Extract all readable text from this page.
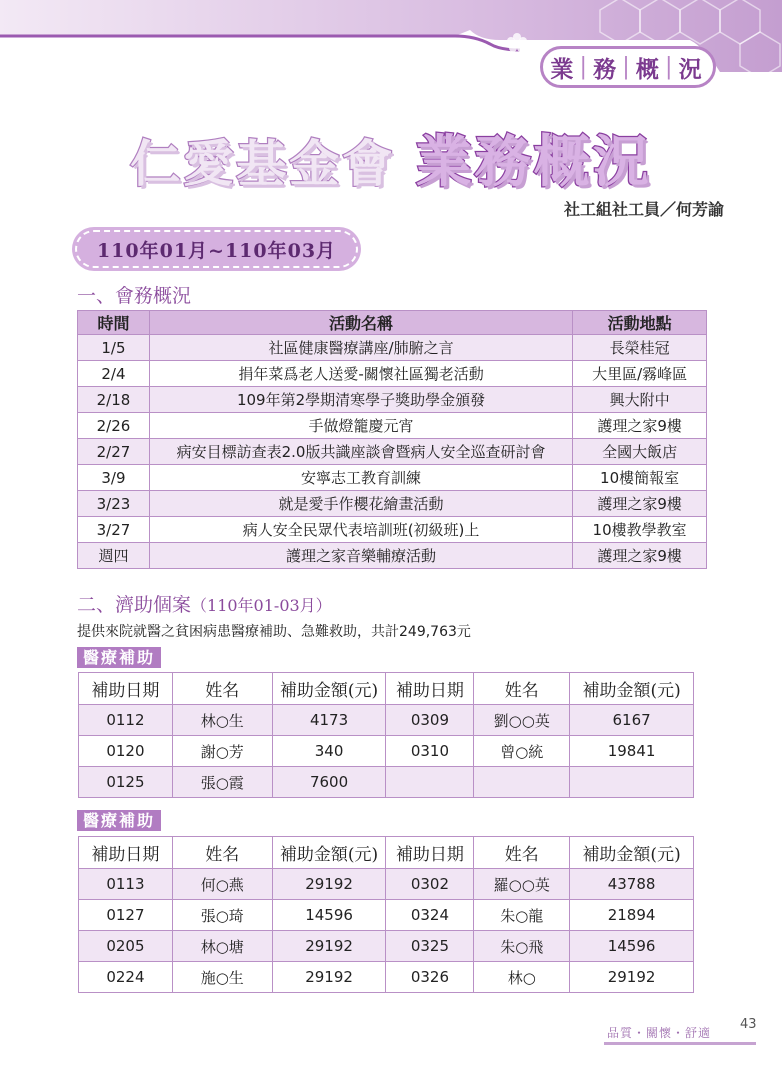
業 | 務 | 概 | 況
仁愛基金會 業務概況
社工組社工員／何芳諭
110年01月~110年03月
一、會務概況
時間	活動名稱	活動地點
1/5	社區健康醫療講座/肺腑之言	長榮桂冠
2/4	捐年菜爲老人送愛-關懷社區獨老活動	大里區/霧峰區
2/18	109年第2學期清寒學子獎助學金頒發	興大附中
2/26	手做燈籠慶元宵	護理之家9樓
2/27	病安目標訪查表2.0版共識座談會暨病人安全巡查研討會	全國大飯店
3/9	安寧志工教育訓練	10樓簡報室
3/23	就是愛手作櫻花繪畫活動	護理之家9樓
3/27	病人安全民眾代表培訓班(初級班)上	10樓教學教室
週四	護理之家音樂輔療活動	護理之家9樓
二、濟助個案（110年01-03月）
提供來院就醫之貧困病患醫療補助、急難救助，共計249,763元
醫療補助
補助日期	姓名	補助金額(元)	補助日期	姓名	補助金額(元)
0112	林○生	4173	0309	劉○○英	6167
0120	謝○芳	340	0310	曾○統	19841
0125	張○霞	7600			
醫療補助
補助日期	姓名	補助金額(元)	補助日期	姓名	補助金額(元)
0113	何○燕	29192	0302	羅○○英	43788
0127	張○琦	14596	0324	朱○龍	21894
0205	林○塘	29192	0325	朱○飛	14596
0224	施○生	29192	0326	林○	29192
品質・關懷・舒適
43
